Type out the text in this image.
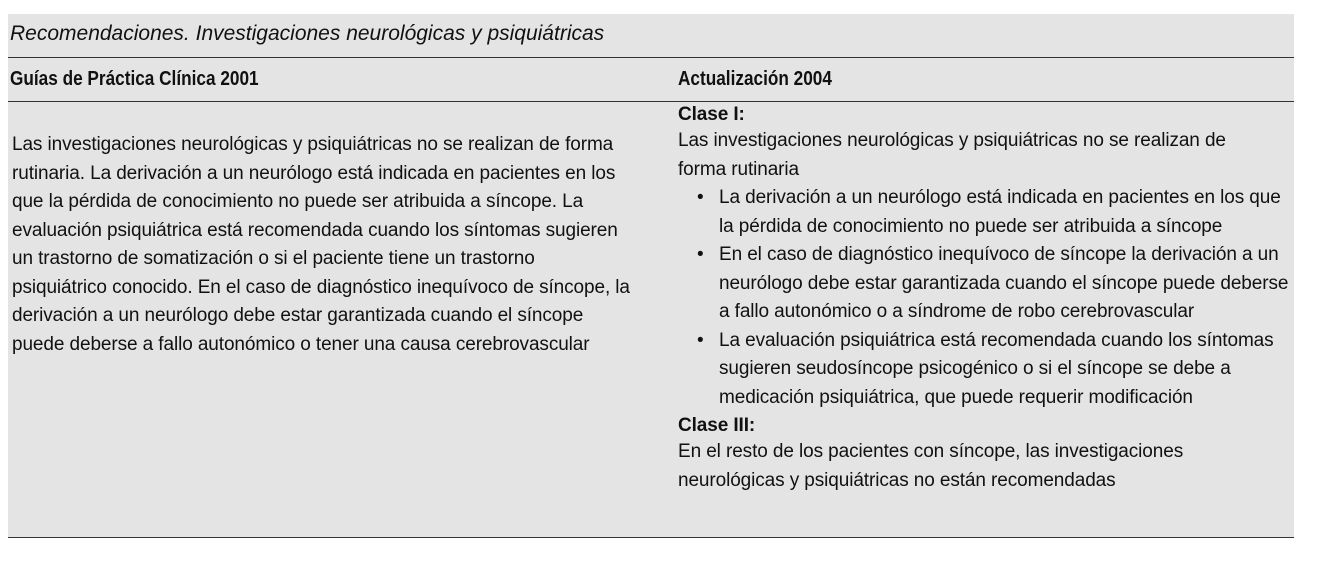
Recomendaciones. Investigaciones neurológicas y psiquiátricas
Guías de Práctica Clínica 2001	Actualización 2004
Las investigaciones neurológicas y psiquiátricas no se realizan de forma rutinaria. La derivación a un neurólogo está indicada en pacientes en los que la pérdida de conocimiento no puede ser atribuida a síncope. La evaluación psiquiátrica está recomendada cuando los síntomas sugieren un trastorno de somatización o si el paciente tiene un trastorno psiquiátrico conocido. En el caso de diagnóstico inequívoco de síncope, la derivación a un neurólogo debe estar garantizada cuando el síncope puede deberse a fallo autonómico o tener una causa cerebrovascular
Clase I:

Las investigaciones neurológicas y psiquiátricas no se realizan de forma rutinaria

• La derivación a un neurólogo está indicada en pacientes en los que la pérdida de conocimiento no puede ser atribuida a síncope
• En el caso de diagnóstico inequívoco de síncope la derivación a un neurólogo debe estar garantizada cuando el síncope puede deberse a fallo autonómico o a síndrome de robo cerebrovascular
• La evaluación psiquiátrica está recomendada cuando los síntomas sugieren seudosíncope psicogénico o si el síncope se debe a medicación psiquiátrica, que puede requerir modificación
Clase III:

En el resto de los pacientes con síncope, las investigaciones neurológicas y psiquiátricas no están recomendadas
